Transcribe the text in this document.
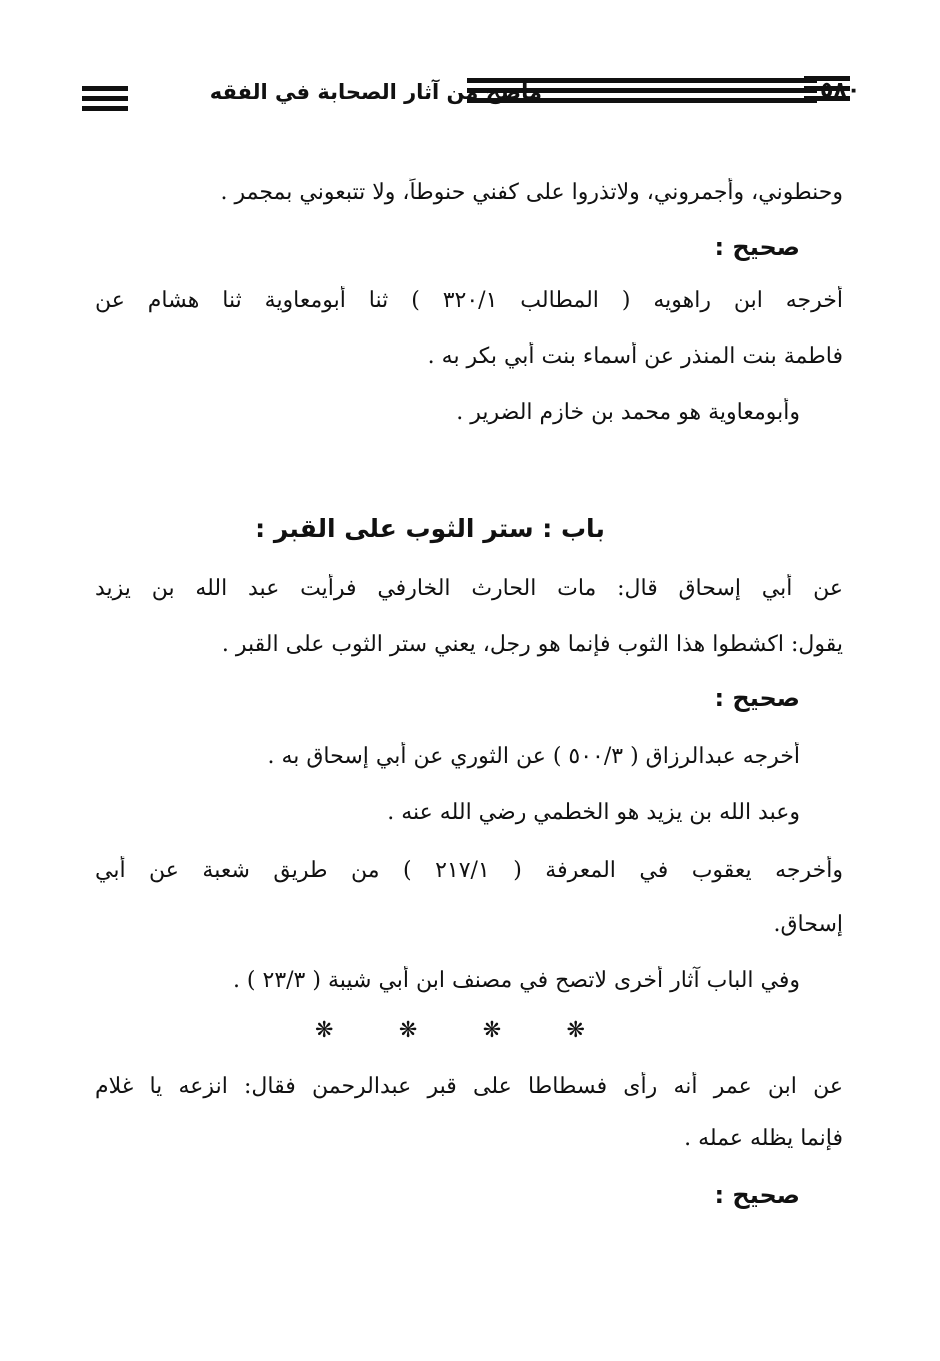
٥٨٠
ماصح من آثار الصحابة في الفقه
وحنطوني، وأجمروني، ولاتذروا على كفني حنوطاً، ولا تتبعوني بمجمر .
صحيح :
أخرجه ابن راهويه ( المطالب ٣٢٠/١ ) ثنا أبومعاوية ثنا هشام عن
فاطمة بنت المنذر عن أسماء بنت أبي بكر به .
وأبومعاوية هو محمد بن خازم الضرير .
باب : ستر الثوب على القبر :
عن أبي إسحاق قال: مات الحارث الخارفي فرأيت عبد الله بن يزيد
يقول: اكشطوا هذا الثوب فإنما هو رجل، يعني ستر الثوب على القبر .
صحيح :
أخرجه عبدالرزاق ( ٥٠٠/٣ ) عن الثوري عن أبي إسحاق به .
وعبد الله بن يزيد هو الخطمي رضي الله عنه .
وأخرجه يعقوب في المعرفة ( ٢١٧/١ ) من طريق شعبة عن أبي
إسحاق.
وفي الباب آثار أخرى لاتصح في مصنف ابن أبي شيبة ( ٢٣/٣ ) .
❋	❋	❋	❋
عن ابن عمر أنه رأى فسطاطا على قبر عبدالرحمن فقال: انزعه يا غلام
فإنما يظله عمله .
صحيح :
